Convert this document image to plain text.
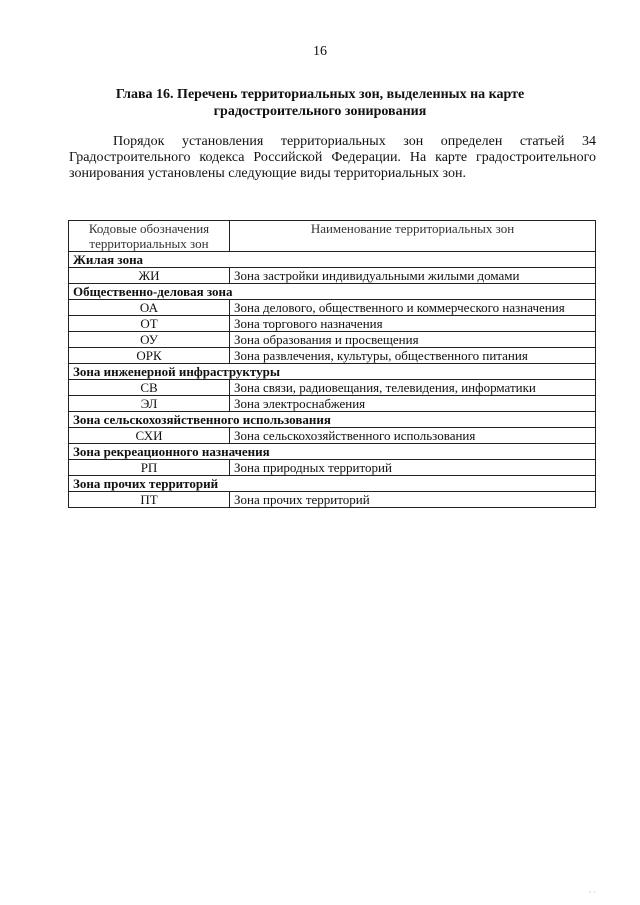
16
Глава 16. Перечень территориальных зон, выделенных на карте
градостроительного зонирования
Порядок установления территориальных зон определен статьей 34 Градостроительного кодекса Российской Федерации. На карте градостроительного зонирования установлены следующие виды территориальных зон.
Кодовые обозначения
территориальных зон	Наименование территориальных зон
Жилая зона	
ЖИ	Зона застройки индивидуальными жилыми домами
Общественно-деловая зона	
ОА	Зона делового, общественного и коммерческого назначения
ОТ	Зона торгового назначения
ОУ	Зона образования и просвещения
ОРК	Зона развлечения, культуры, общественного питания
Зона инженерной инфраструктуры	
СВ	Зона связи, радиовещания, телевидения, информатики
ЭЛ	Зона электроснабжения
Зона сельскохозяйственного использования	
СХИ	Зона сельскохозяйственного использования
Зона рекреационного назначения	
РП	Зона природных территорий
Зона прочих территорий	
ПТ	Зона прочих территорий
· ·
